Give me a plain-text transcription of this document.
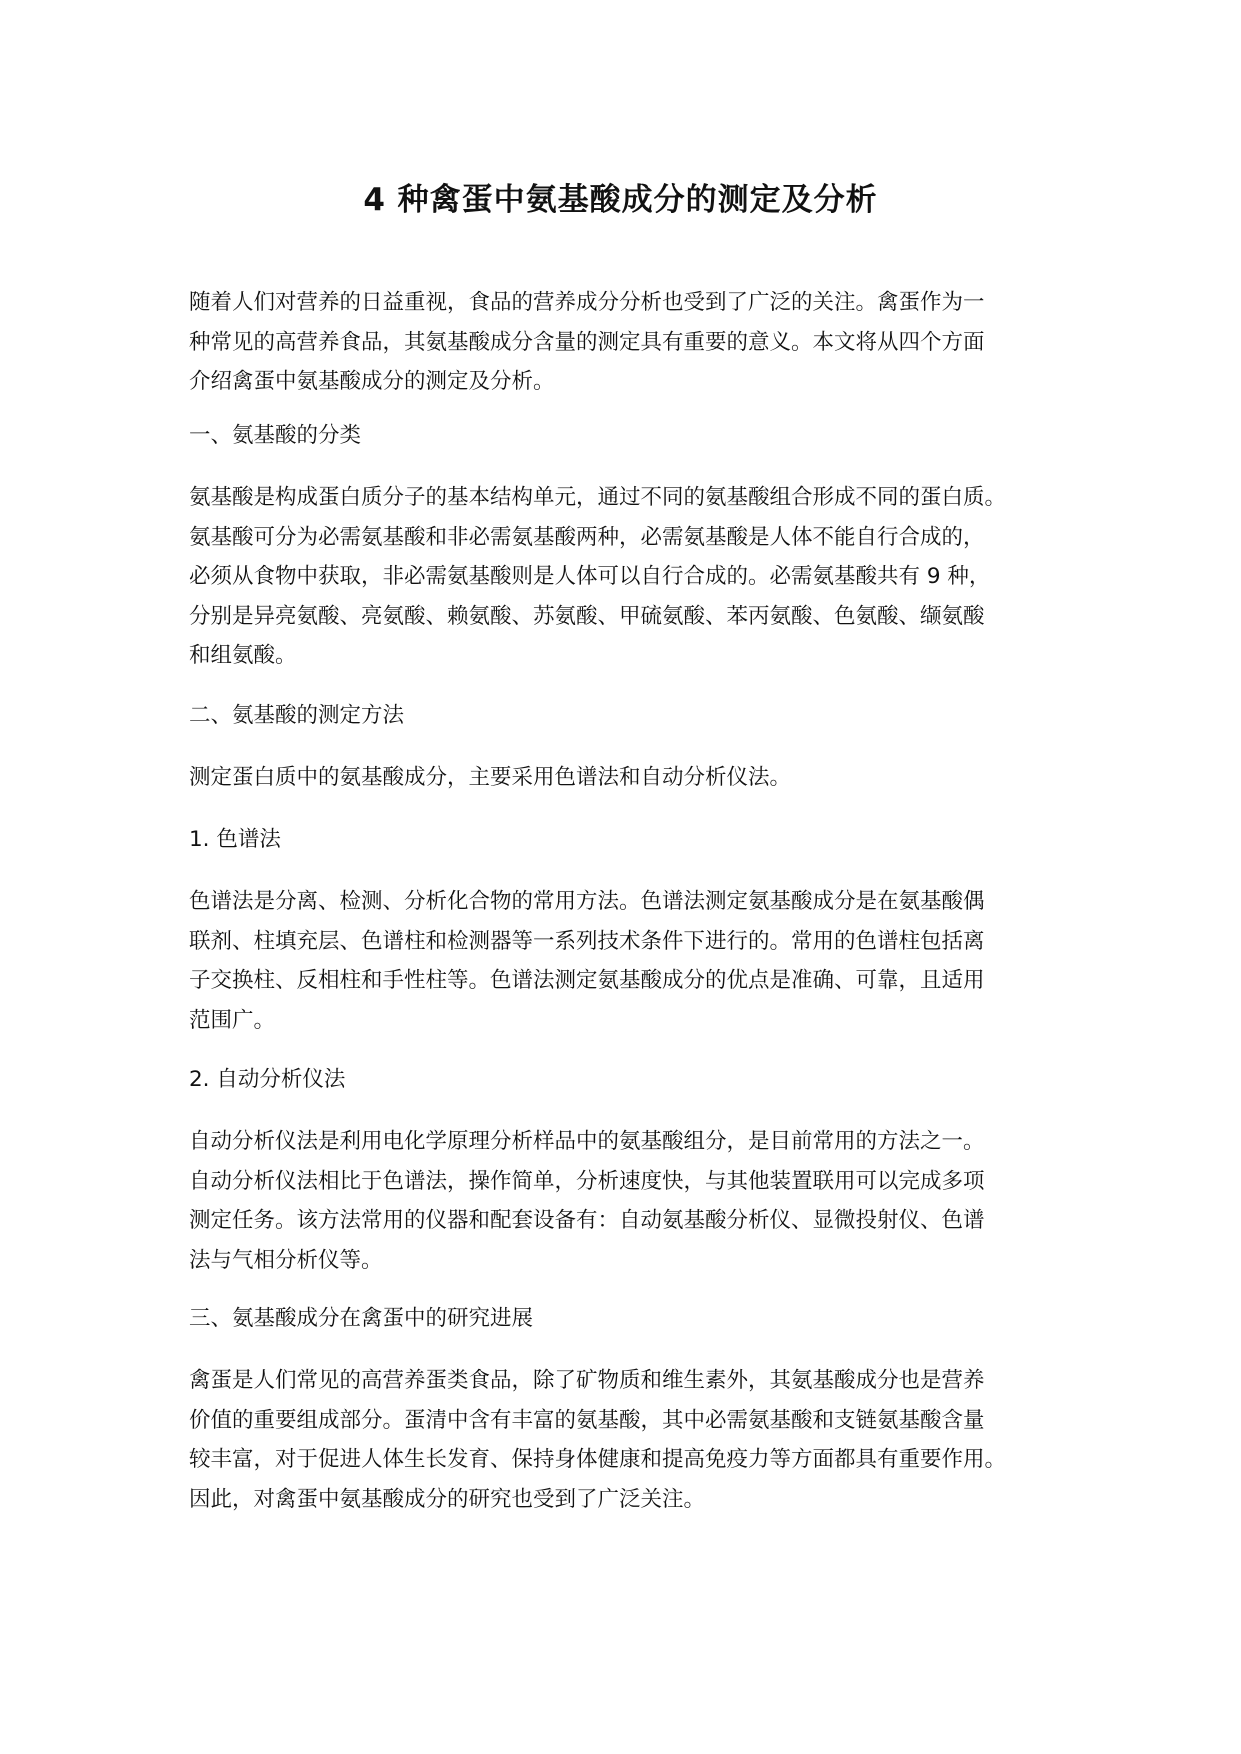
4 种禽蛋中氨基酸成分的测定及分析
随着人们对营养的日益重视，食品的营养成分分析也受到了广泛的关注。禽蛋作为一
种常见的高营养食品，其氨基酸成分含量的测定具有重要的意义。本文将从四个方面
介绍禽蛋中氨基酸成分的测定及分析。
一、氨基酸的分类
氨基酸是构成蛋白质分子的基本结构单元，通过不同的氨基酸组合形成不同的蛋白质。
氨基酸可分为必需氨基酸和非必需氨基酸两种，必需氨基酸是人体不能自行合成的，
必须从食物中获取，非必需氨基酸则是人体可以自行合成的。必需氨基酸共有 9 种，
分别是异亮氨酸、亮氨酸、赖氨酸、苏氨酸、甲硫氨酸、苯丙氨酸、色氨酸、缬氨酸
和组氨酸。
二、氨基酸的测定方法
测定蛋白质中的氨基酸成分，主要采用色谱法和自动分析仪法。
1. 色谱法
色谱法是分离、检测、分析化合物的常用方法。色谱法测定氨基酸成分是在氨基酸偶
联剂、柱填充层、色谱柱和检测器等一系列技术条件下进行的。常用的色谱柱包括离
子交换柱、反相柱和手性柱等。色谱法测定氨基酸成分的优点是准确、可靠，且适用
范围广。
2. 自动分析仪法
自动分析仪法是利用电化学原理分析样品中的氨基酸组分，是目前常用的方法之一。
自动分析仪法相比于色谱法，操作简单，分析速度快，与其他装置联用可以完成多项
测定任务。该方法常用的仪器和配套设备有：自动氨基酸分析仪、显微投射仪、色谱
法与气相分析仪等。
三、氨基酸成分在禽蛋中的研究进展
禽蛋是人们常见的高营养蛋类食品，除了矿物质和维生素外，其氨基酸成分也是营养
价值的重要组成部分。蛋清中含有丰富的氨基酸，其中必需氨基酸和支链氨基酸含量
较丰富，对于促进人体生长发育、保持身体健康和提高免疫力等方面都具有重要作用。
因此，对禽蛋中氨基酸成分的研究也受到了广泛关注。
